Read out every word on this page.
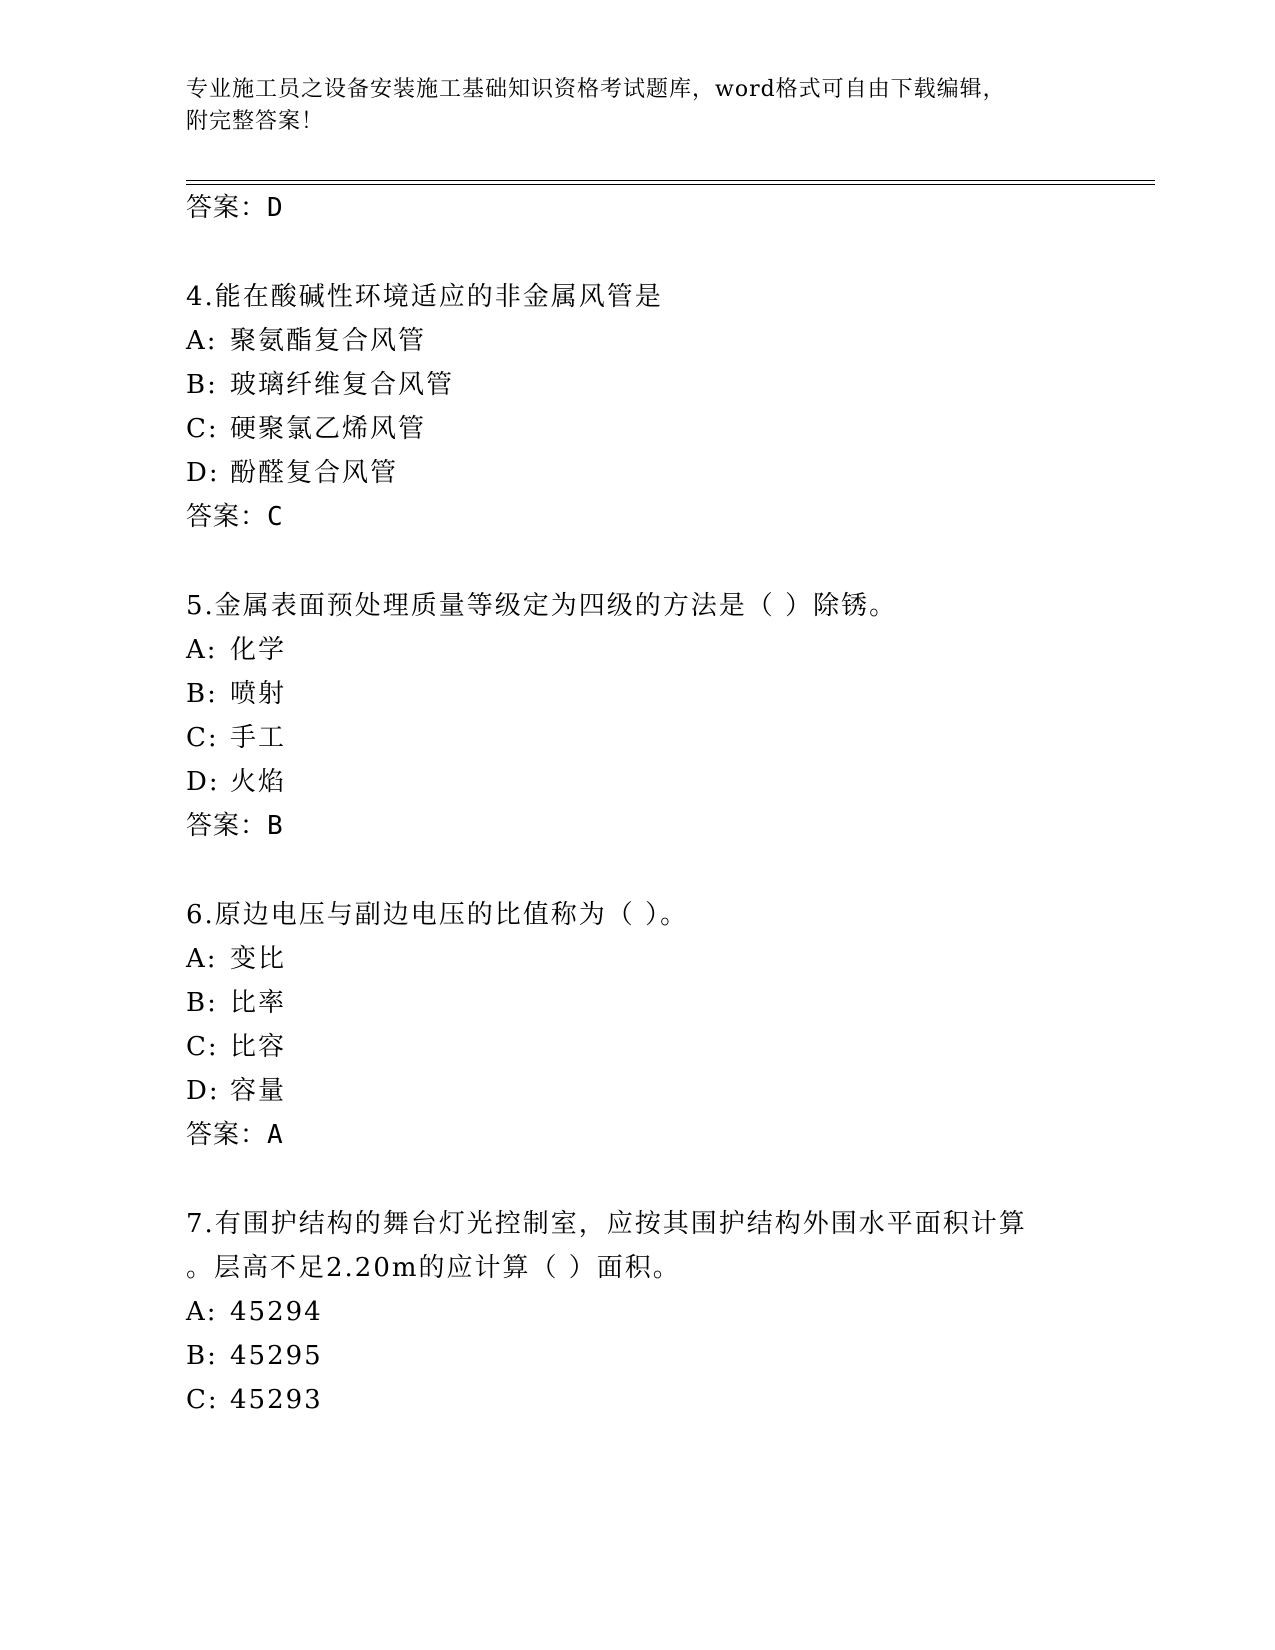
专业施工员之设备安装施工基础知识资格考试题库，word格式可自由下载编辑，
附完整答案！
答案：D
4.能在酸碱性环境适应的非金属风管是
A: 聚氨酯复合风管
B: 玻璃纤维复合风管
C: 硬聚氯乙烯风管
D: 酚醛复合风管
答案：C
5.金属表面预处理质量等级定为四级的方法是（ ）除锈。
A: 化学
B: 喷射
C: 手工
D: 火焰
答案：B
6.原边电压与副边电压的比值称为（ ）。
A: 变比
B: 比率
C: 比容
D: 容量
答案：A
7.有围护结构的舞台灯光控制室，应按其围护结构外围水平面积计算
。层高不足2.20m的应计算（ ）面积。
A: 45294
B: 45295
C: 45293
